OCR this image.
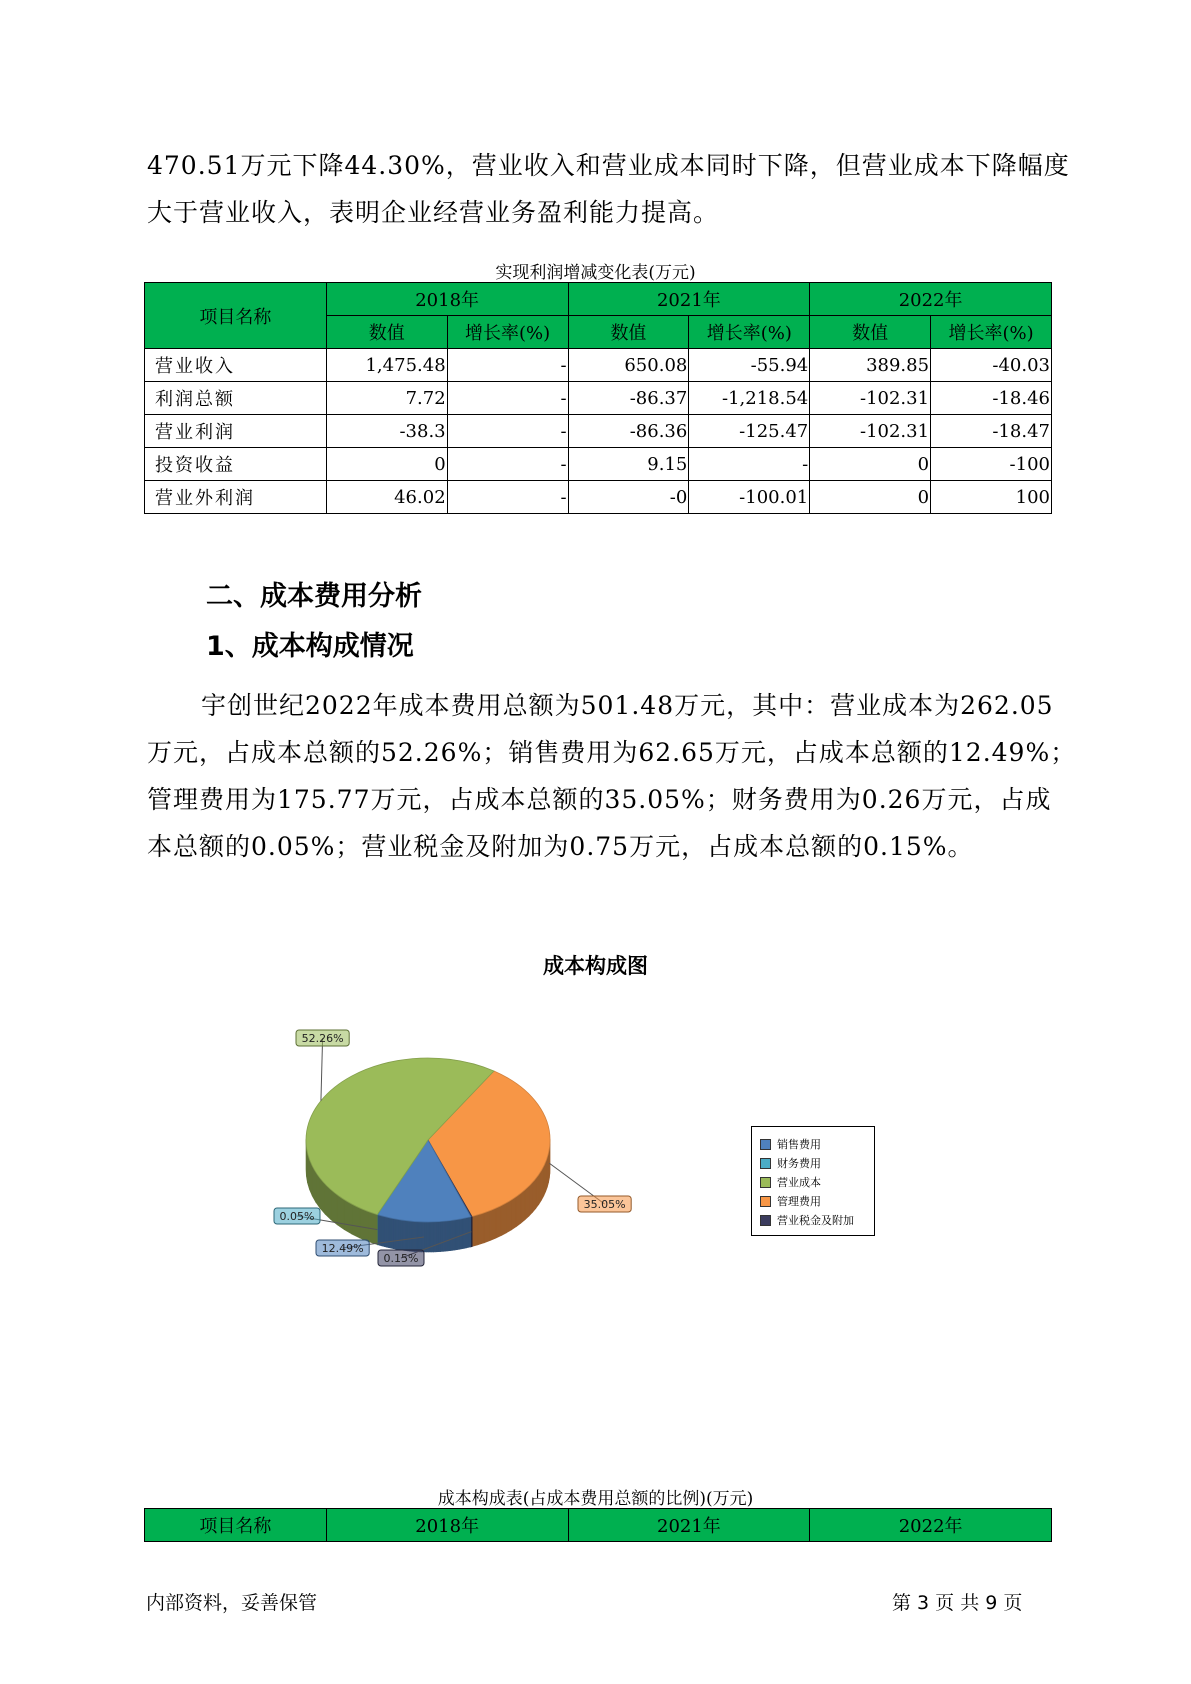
470.51万元下降44.30%，营业收入和营业成本同时下降，但营业成本下降幅度大于营业收入，表明企业经营业务盈利能力提高。

实现利润增减变化表(万元)
项目名称	2018年		2021年		2022年	
	数值	增长率(%)	数值	增长率(%)	数值	增长率(%)
营业收入	1,475.48	-	650.08	-55.94	389.85	-40.03
利润总额	7.72	-	-86.37	-1,218.54	-102.31	-18.46
营业利润	-38.3	-	-86.36	-125.47	-102.31	-18.47
投资收益	0	-	9.15	-	0	-100
营业外利润	46.02	-	-0	-100.01	0	100
二、成本费用分析
1、成本构成情况

宇创世纪2022年成本费用总额为501.48万元，其中：营业成本为262.05万元，占成本总额的52.26%；销售费用为62.65万元，占成本总额的12.49%；管理费用为175.77万元，占成本总额的35.05%；财务费用为0.26万元，占成本总额的0.05%；营业税金及附加为0.75万元，占成本总额的0.15%。

成本构成图
35.05%
0.15%
12.49%
0.05%
52.26%
销售费用
财务费用
营业成本
管理费用
营业税金及附加
成本构成表(占成本费用总额的比例)(万元)
项目名称	2018年	2021年	2022年
内部资料，妥善保管	第 3 页 共 9 页
